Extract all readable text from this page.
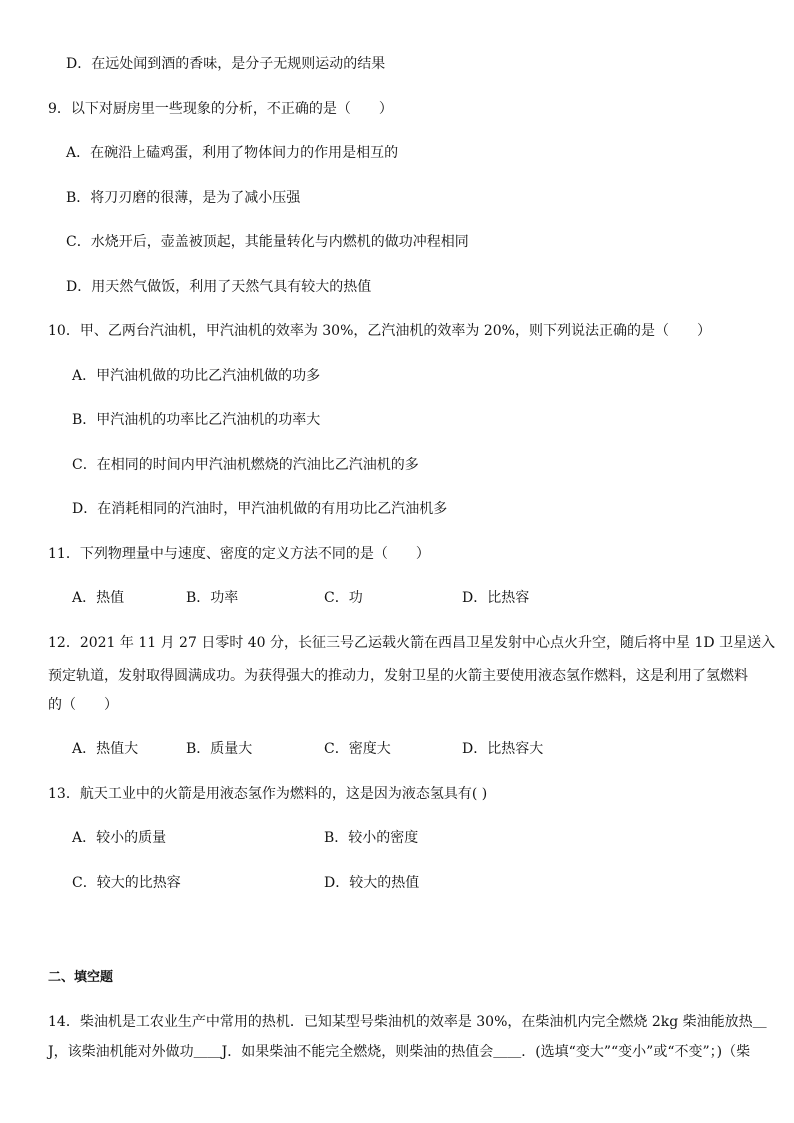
D．在远处闻到酒的香味，是分子无规则运动的结果
9．以下对厨房里一些现象的分析，不正确的是（　　）
A．在碗沿上磕鸡蛋，利用了物体间力的作用是相互的
B．将刀刃磨的很薄，是为了减小压强
C．水烧开后，壶盖被顶起，其能量转化与内燃机的做功冲程相同
D．用天然气做饭，利用了天然气具有较大的热值
10．甲、乙两台汽油机，甲汽油机的效率为 30%，乙汽油机的效率为 20%，则下列说法正确的是（　　）
A．甲汽油机做的功比乙汽油机做的功多
B．甲汽油机的功率比乙汽油机的功率大
C．在相同的时间内甲汽油机燃烧的汽油比乙汽油机的多
D．在消耗相同的汽油时，甲汽油机做的有用功比乙汽油机多
11．下列物理量中与速度、密度的定义方法不同的是（　　）
A．热值	B．功率	C．功	D．比热容
12．2021 年 11 月 27 日零时 40 分，长征三号乙运载火箭在西昌卫星发射中心点火升空，随后将中星 1D 卫星送入
预定轨道，发射取得圆满成功。为获得强大的推动力，发射卫星的火箭主要使用液态氢作燃料，这是利用了氢燃料
的（　　）
A．热值大	B．质量大	C．密度大	D．比热容大
13．航天工业中的火箭是用液态氢作为燃料的，这是因为液态氢具有( )
A．较小的质量	B．较小的密度
C．较大的比热容	D．较大的热值
二、填空题
14．柴油机是工农业生产中常用的热机．已知某型号柴油机的效率是 30%，在柴油机内完全燃烧 2kg 柴油能放热＿
J，该柴油机能对外做功＿＿J．如果柴油不能完全燃烧，则柴油的热值会＿＿．(选填“变大”“变小”或“不变”；)（柴
